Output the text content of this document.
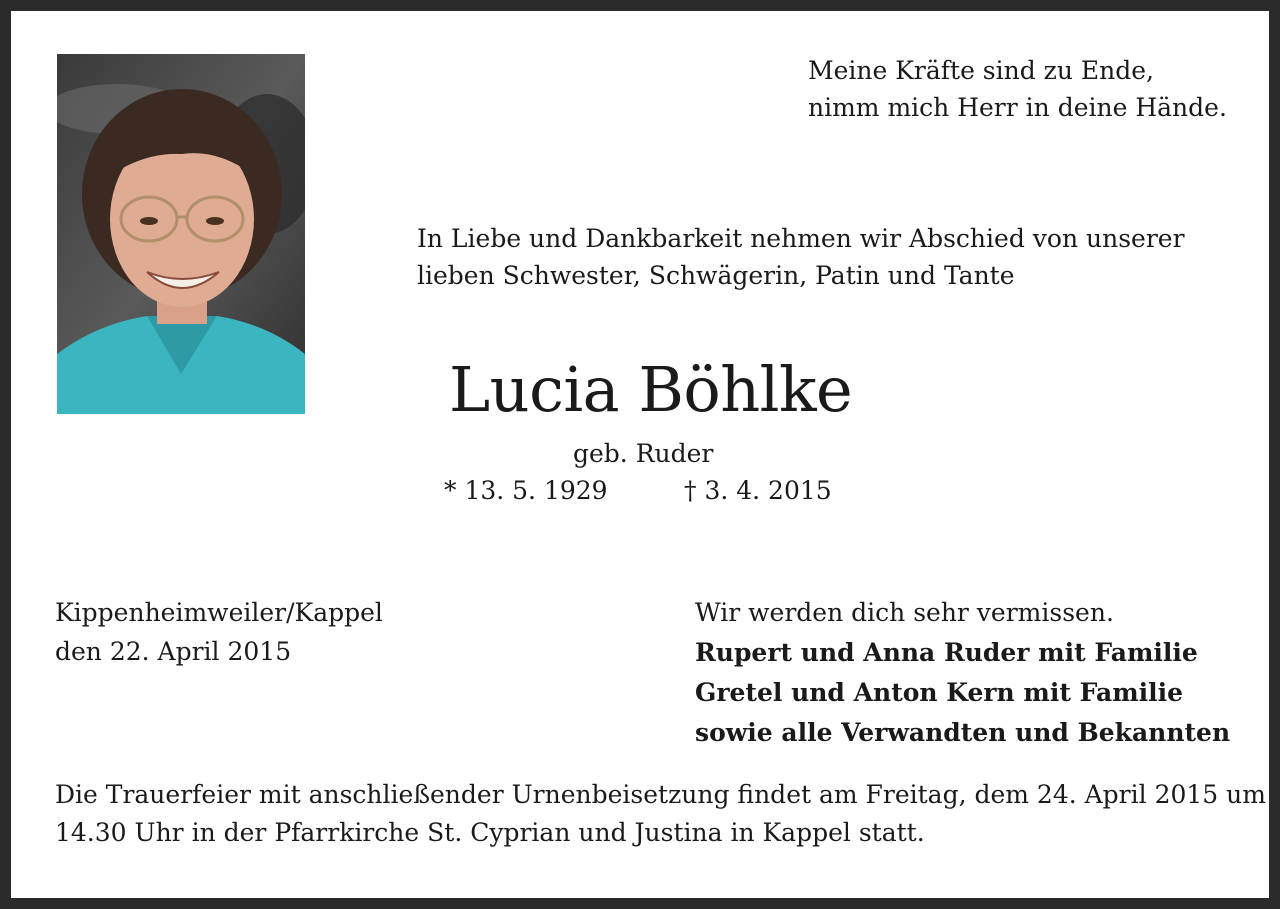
Meine Kräfte sind zu Ende,
nimm mich Herr in deine Hände.
In Liebe und Dankbarkeit nehmen wir Abschied von unserer
lieben Schwester, Schwägerin, Patin und Tante
Lucia Böhlke
geb. Ruder
* 13. 5. 1929	† 3. 4. 2015
Kippenheimweiler/Kappel
den 22. April 2015
Wir werden dich sehr vermissen.
Rupert und Anna Ruder mit Familie
Gretel und Anton Kern mit Familie
sowie alle Verwandten und Bekannten
Die Trauerfeier mit anschließender Urnenbeisetzung findet am Freitag, dem 24. April 2015 um
14.30 Uhr in der Pfarrkirche St. Cyprian und Justina in Kappel statt.
